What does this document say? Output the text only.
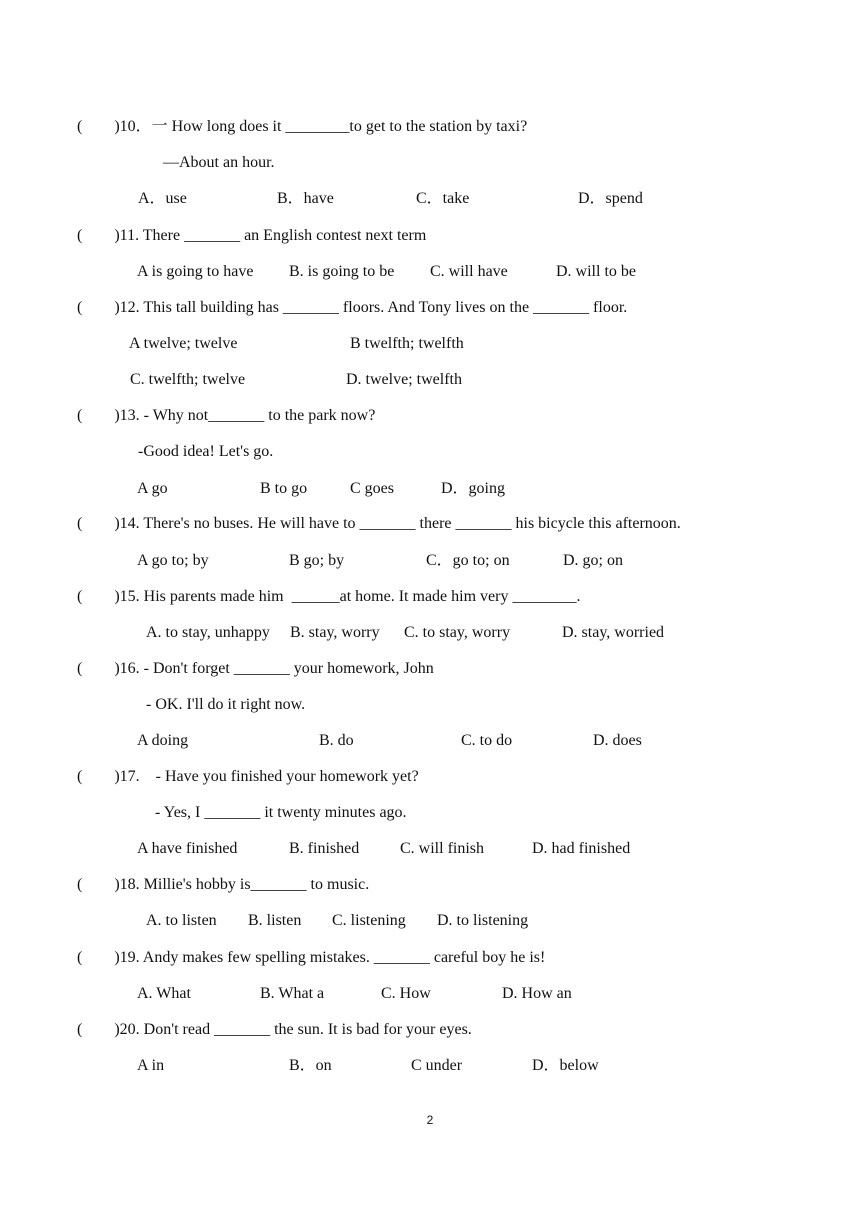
(        )10．一 How long does it ________to get to the station by taxi?
—About an hour.
A．use	B．have	C．take	D．spend
(        )11. There _______ an English contest next term
A is going to have B. is going to be C. will have	D. will to be
(        )12. This tall building has _______ floors. And Tony lives on the _______ floor.
A twelve; twelve	B twelfth; twelfth
C. twelfth; twelve	D. twelve; twelfth
(        )13. - Why not_______ to the park now?
-Good idea! Let's go.
A go	B to go	C goes	D．going
(        )14. There's no buses. He will have to _______ there _______ his bicycle this afternoon.
A go to; by	B go; by	C．go to; on	D. go; on
(        )15. His parents made him  ______at home. It made him very ________.
A. to stay, unhappy B. stay, worry C. to stay, worry	D. stay, worried
(        )16. - Don't forget _______ your homework, John
- OK. I'll do it right now.
A doing	B. do	C. to do	D. does
(        )17.    - Have you finished your homework yet?
- Yes, I _______ it twenty minutes ago.
A have finished	B. finished	C. will finish	D. had finished
(        )18. Millie's hobby is_______ to music.
A. to listen B. listen C. listening D. to listening
(        )19. Andy makes few spelling mistakes. _______ careful boy he is!
A. What	B. What a	C. How	D. How an
(        )20. Don't read _______ the sun. It is bad for your eyes.
A in	B．on	C under	D．below
2
